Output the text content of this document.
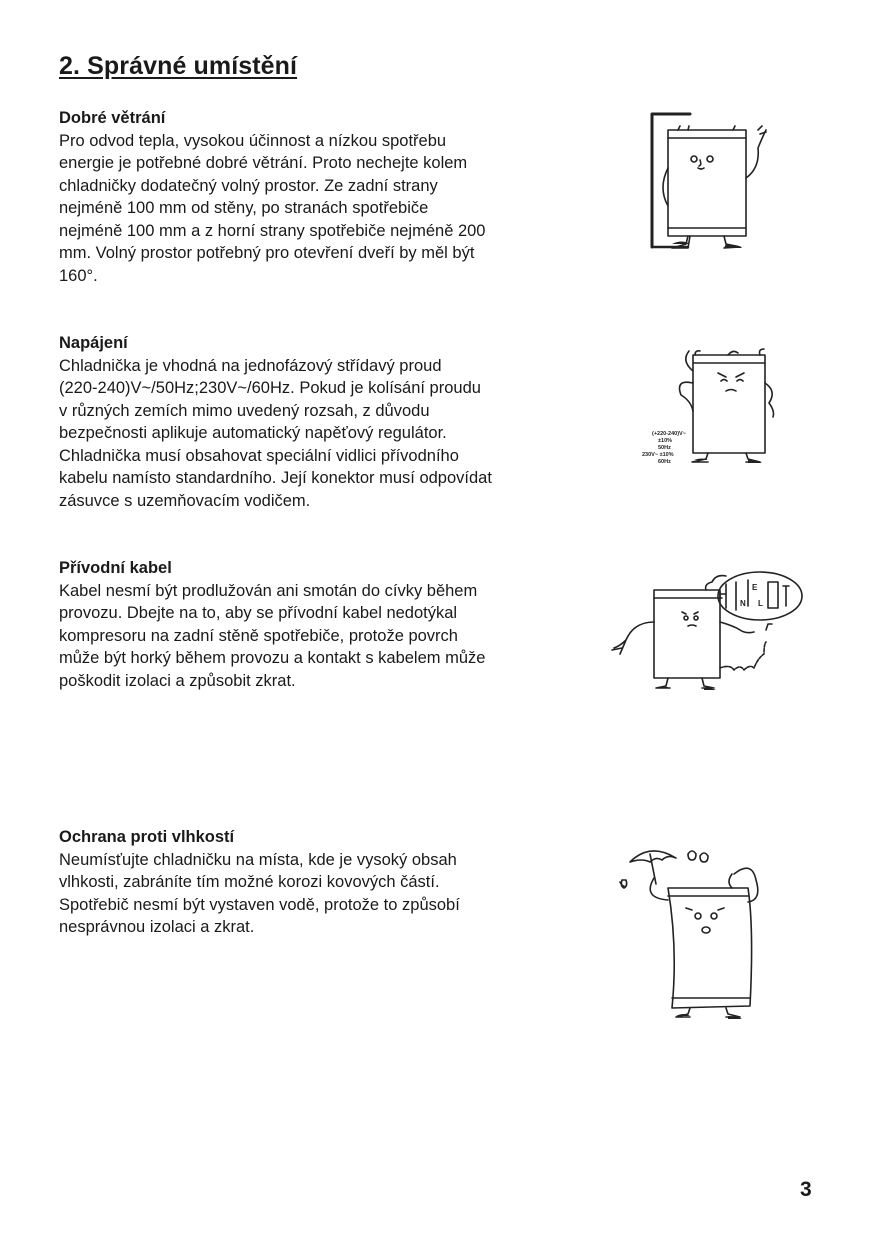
2. Správné umístění
Dobré větrání

Pro odvod tepla, vysokou účinnost a nízkou spotřebu

energie je potřebné dobré větrání. Proto nechejte kolem

chladničky dodatečný volný prostor. Ze zadní strany

nejméně 100 mm od stěny, po stranách spotřebiče

nejméně 100 mm a z horní strany spotřebiče nejméně 200

mm. Volný prostor potřebný pro otevření dveří by měl být

160°.

Napájení

Chladnička je vhodná na jednofázový střídavý proud

(220-240)V~/50Hz;230V~/60Hz. Pokud je kolísání proudu

v různých zemích mimo uvedený rozsah, z důvodu

bezpečnosti aplikuje automatický napěťový regulátor.

Chladnička musí obsahovat speciální vidlici přívodního

kabelu namísto standardního. Její konektor musí odpovídat

zásuvce s uzemňovacím vodičem.

Přívodní kabel

Kabel nesmí být prodlužován ani smotán do cívky během

provozu. Dbejte na to, aby se přívodní kabel nedotýkal

kompresoru na zadní stěně spotřebiče, protože povrch

může být horký během provozu a kontakt s kabelem může

poškodit izolaci a způsobit zkrat.

Ochrana proti vlhkostí

Neumísťujte chladničku na místa, kde je vysoký obsah

vlhkosti, zabráníte tím možné korozi kovových částí.

Spotřebič nesmí být vystaven vodě, protože to způsobí

nesprávnou izolaci a zkrat.

(+220-240)V~
±10%
50Hz
230V~ ±10%
60Hz
E
N L
3
